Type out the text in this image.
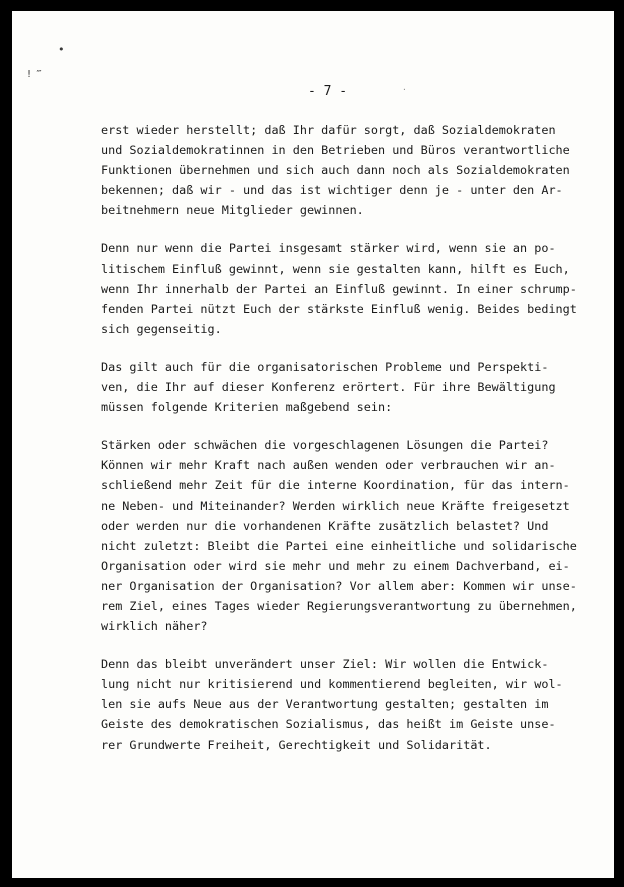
•
! ‴
·
- 7 -
erst wieder herstellt; daß Ihr dafür sorgt, daß Sozialdemokraten
und Sozialdemokratinnen in den Betrieben und Büros verantwortliche
Funktionen übernehmen und sich auch dann noch als Sozialdemokraten
bekennen; daß wir - und das ist wichtiger denn je - unter den Ar-
beitnehmern neue Mitglieder gewinnen.
Denn nur wenn die Partei insgesamt stärker wird, wenn sie an po-
litischem Einfluß gewinnt, wenn sie gestalten kann, hilft es Euch,
wenn Ihr innerhalb der Partei an Einfluß gewinnt. In einer schrump-
fenden Partei nützt Euch der stärkste Einfluß wenig. Beides bedingt
sich gegenseitig.
Das gilt auch für die organisatorischen Probleme und Perspekti-
ven, die Ihr auf dieser Konferenz erörtert. Für ihre Bewältigung
müssen folgende Kriterien maßgebend sein:
Stärken oder schwächen die vorgeschlagenen Lösungen die Partei?
Können wir mehr Kraft nach außen wenden oder verbrauchen wir an-
schließend mehr Zeit für die interne Koordination, für das intern-
ne Neben- und Miteinander? Werden wirklich neue Kräfte freigesetzt
oder werden nur die vorhandenen Kräfte zusätzlich belastet? Und
nicht zuletzt: Bleibt die Partei eine einheitliche und solidarische
Organisation oder wird sie mehr und mehr zu einem Dachverband, ei-
ner Organisation der Organisation? Vor allem aber: Kommen wir unse-
rem Ziel, eines Tages wieder Regierungsverantwortung zu übernehmen,
wirklich näher?
Denn das bleibt unverändert unser Ziel: Wir wollen die Entwick-
lung nicht nur kritisierend und kommentierend begleiten, wir wol-
len sie aufs Neue aus der Verantwortung gestalten; gestalten im
Geiste des demokratischen Sozialismus, das heißt im Geiste unse-
rer Grundwerte Freiheit, Gerechtigkeit und Solidarität.
